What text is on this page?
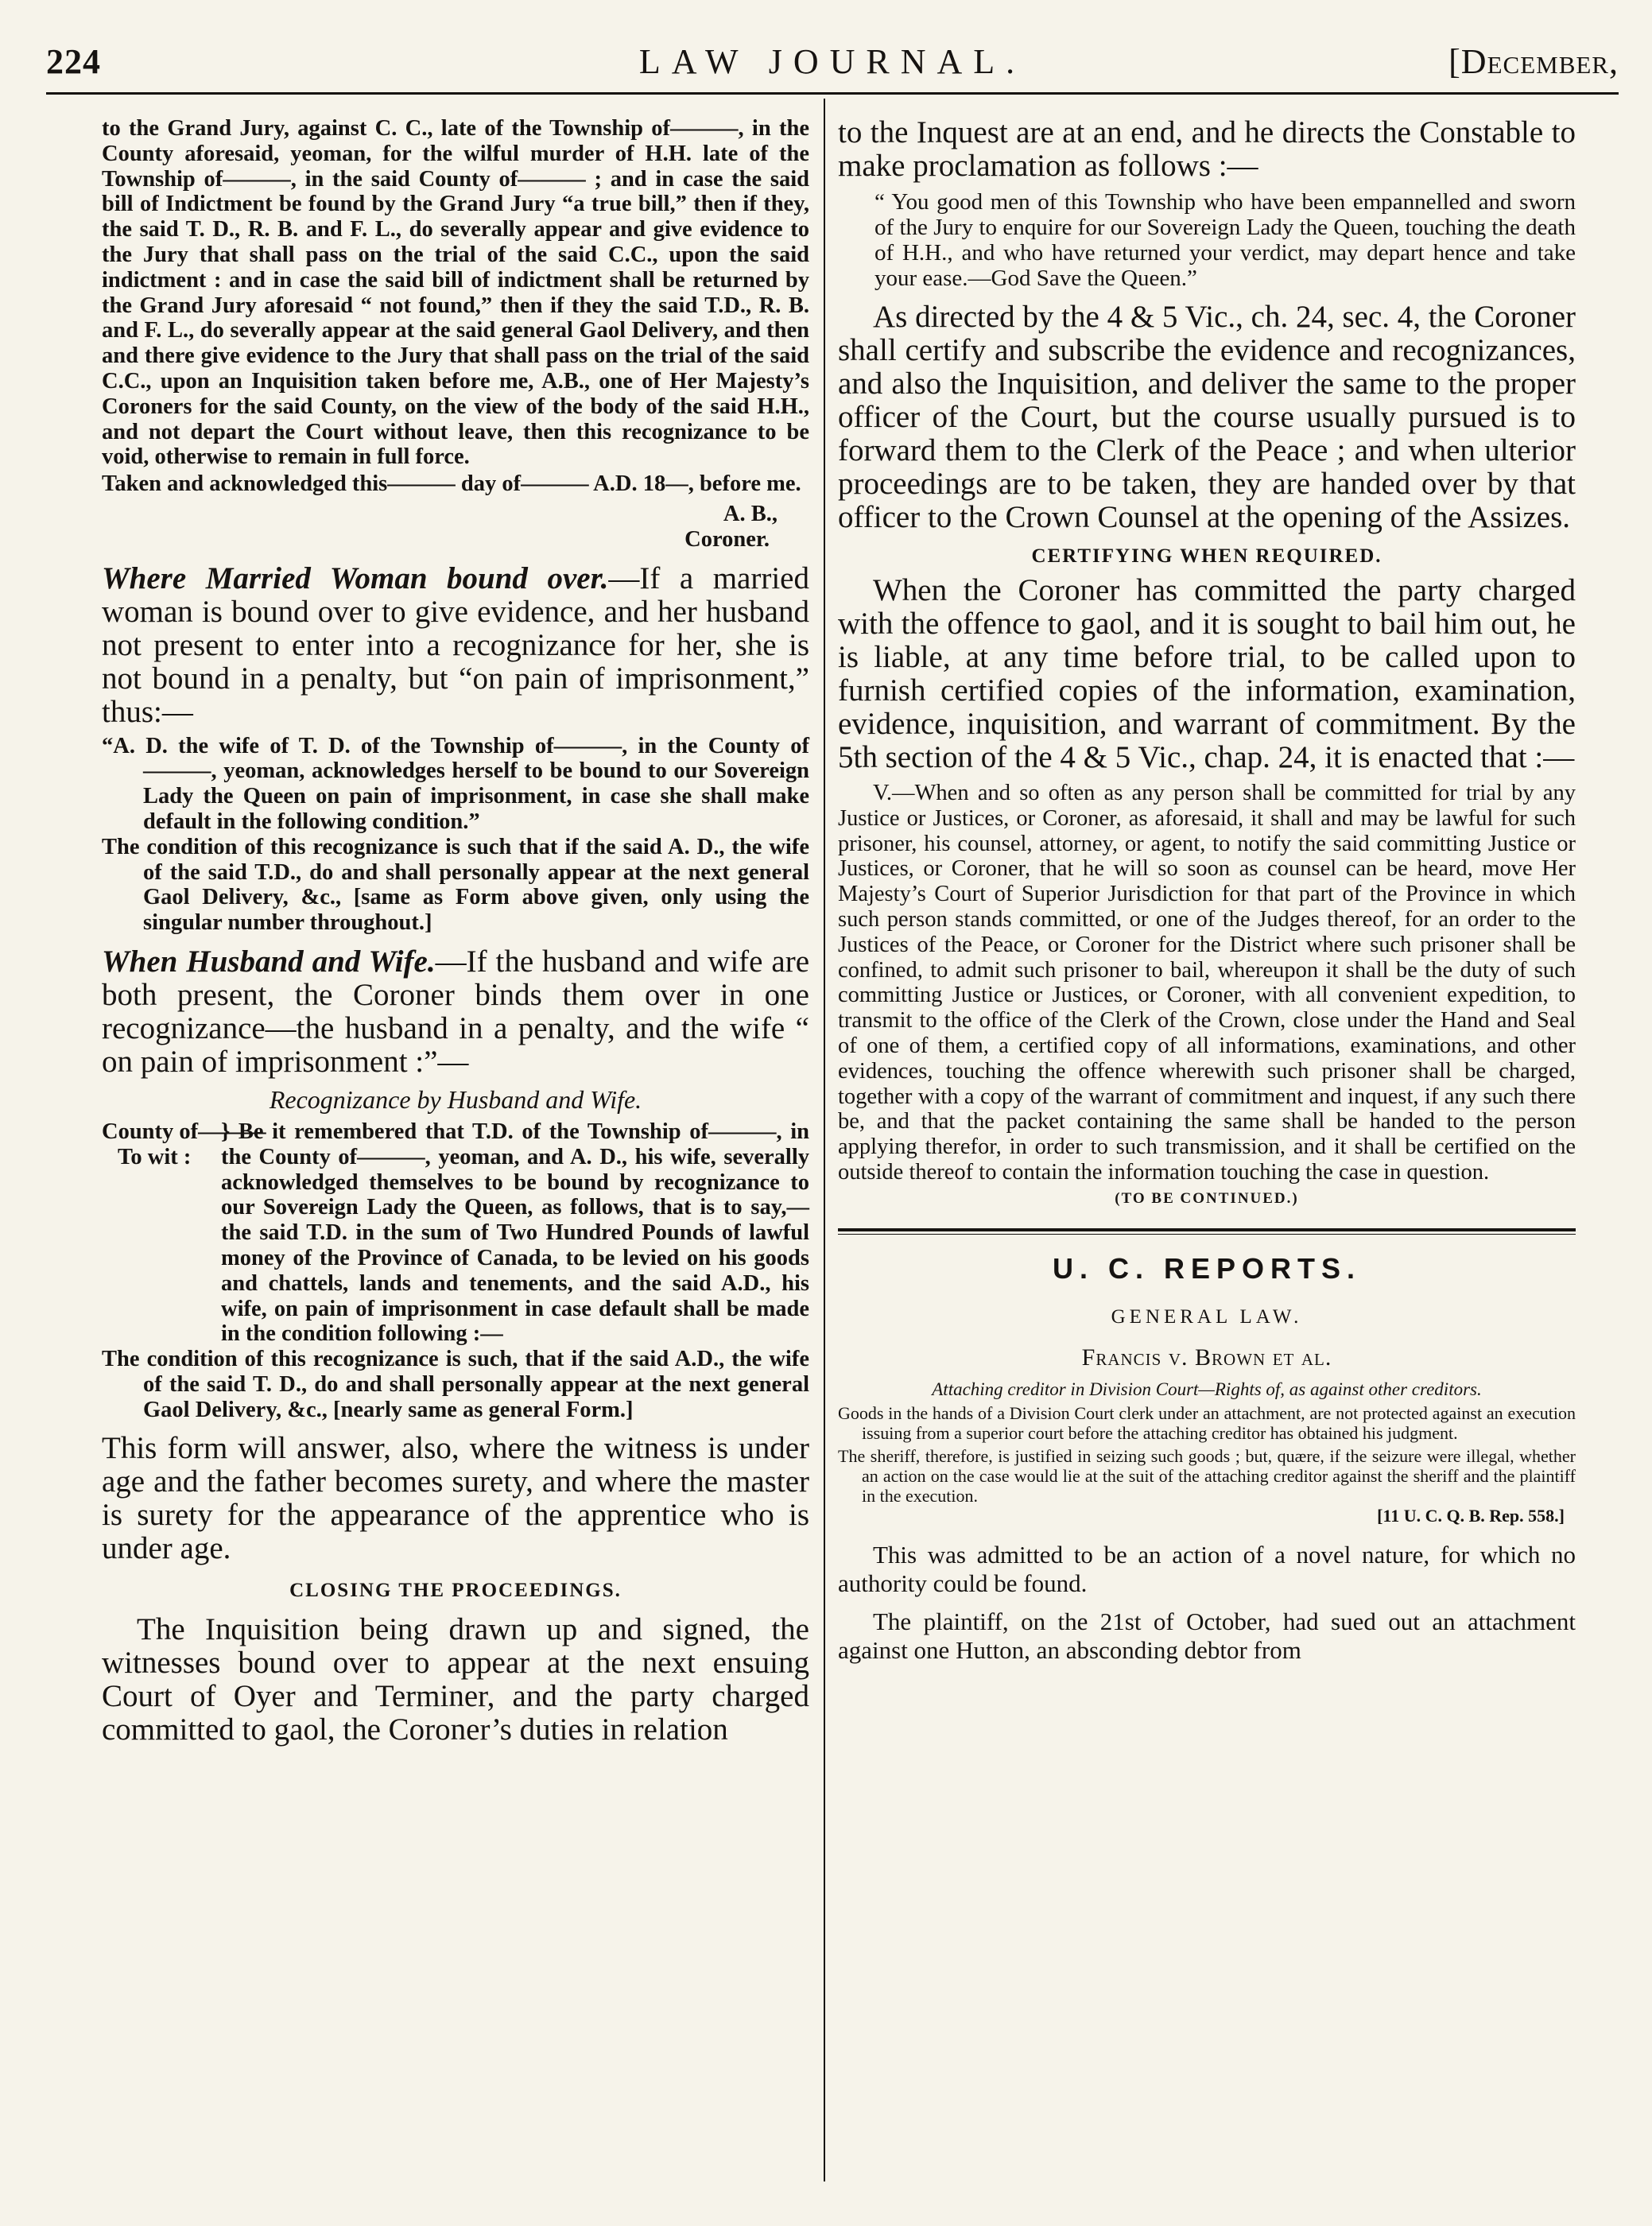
224	LAW JOURNAL.	[December,

to the Grand Jury, against C. C., late of the Township of———, in the County aforesaid, yeoman, for the wilful murder of H.H. late of the Township of———, in the said County of——— ; and in case the said bill of Indictment be found by the Grand Jury “a true bill,” then if they, the said T. D., R. B. and F. L., do severally appear and give evidence to the Jury that shall pass on the trial of the said C.C., upon the said indictment : and in case the said bill of indictment shall be returned by the Grand Jury aforesaid “ not found,” then if they the said T.D., R. B. and F. L., do severally appear at the said general Gaol Delivery, and then and there give evidence to the Jury that shall pass on the trial of the said C.C., upon an Inquisition taken before me, A.B., one of Her Majesty’s Coroners for the said County, on the view of the body of the said H.H., and not depart the Court without leave, then this recognizance to be void, otherwise to remain in full force.

Taken and acknowledged this——— day of——— A.D. 18—, before me.

A. B.,

Coroner.

Where Married Woman bound over.—If a married woman is bound over to give evidence, and her husband not present to enter into a recognizance for her, she is not bound in a penalty, but “on pain of imprisonment,” thus:—

“A. D. the wife of T. D. of the Township of———, in the County of———, yeoman, acknowledges herself to be bound to our Sovereign Lady the Queen on pain of imprisonment, in case she shall make default in the following condition.”

The condition of this recognizance is such that if the said A. D., the wife of the said T.D., do and shall personally appear at the next general Gaol Delivery, &c., [same as Form above given, only using the singular number throughout.]

When Husband and Wife.—If the husband and wife are both present, the Coroner binds them over in one recognizance—the husband in a penalty, and the wife “ on pain of imprisonment :”—

Recognizance by Husband and Wife.

County of———
To wit :
} Be it remembered that T.D. of the Township of———, in the County of———, yeoman, and A. D., his wife, severally acknowledged themselves to be bound by recognizance to our Sovereign Lady the Queen, as follows, that is to say,—the said T.D. in the sum of Two Hundred Pounds of lawful money of the Province of Canada, to be levied on his goods and chattels, lands and tenements, and the said A.D., his wife, on pain of imprisonment in case default shall be made in the condition following :—

The condition of this recognizance is such, that if the said A.D., the wife of the said T. D., do and shall personally appear at the next general Gaol Delivery, &c., [nearly same as general Form.]

This form will answer, also, where the witness is under age and the father becomes surety, and where the master is surety for the appearance of the apprentice who is under age.

CLOSING THE PROCEEDINGS.

The Inquisition being drawn up and signed, the witnesses bound over to appear at the next ensuing Court of Oyer and Terminer, and the party charged committed to gaol, the Coroner’s duties in relation

to the Inquest are at an end, and he directs the Constable to make proclamation as follows :—

“ You good men of this Township who have been empannelled and sworn of the Jury to enquire for our Sovereign Lady the Queen, touching the death of H.H., and who have returned your verdict, may depart hence and take your ease.—God Save the Queen.”

As directed by the 4 & 5 Vic., ch. 24, sec. 4, the Coroner shall certify and subscribe the evidence and recognizances, and also the Inquisition, and deliver the same to the proper officer of the Court, but the course usually pursued is to forward them to the Clerk of the Peace ; and when ulterior proceedings are to be taken, they are handed over by that officer to the Crown Counsel at the opening of the Assizes.

CERTIFYING WHEN REQUIRED.

When the Coroner has committed the party charged with the offence to gaol, and it is sought to bail him out, he is liable, at any time before trial, to be called upon to furnish certified copies of the information, examination, evidence, inquisition, and warrant of commitment. By the 5th section of the 4 & 5 Vic., chap. 24, it is enacted that :—

V.—When and so often as any person shall be committed for trial by any Justice or Justices, or Coroner, as aforesaid, it shall and may be lawful for such prisoner, his counsel, attorney, or agent, to notify the said committing Justice or Justices, or Coroner, that he will so soon as counsel can be heard, move Her Majesty’s Court of Superior Jurisdiction for that part of the Province in which such person stands committed, or one of the Judges thereof, for an order to the Justices of the Peace, or Coroner for the District where such prisoner shall be confined, to admit such prisoner to bail, whereupon it shall be the duty of such committing Justice or Justices, or Coroner, with all convenient expedition, to transmit to the office of the Clerk of the Crown, close under the Hand and Seal of one of them, a certified copy of all informations, examinations, and other evidences, touching the offence wherewith such prisoner shall be charged, together with a copy of the warrant of commitment and inquest, if any such there be, and that the packet containing the same shall be handed to the person applying therefor, in order to such transmission, and it shall be certified on the outside thereof to contain the information touching the case in question.

(TO BE CONTINUED.)

U. C. REPORTS.

GENERAL LAW.

Francis v. Brown et al.

Attaching creditor in Division Court—Rights of, as against other creditors.

Goods in the hands of a Division Court clerk under an attachment, are not protected against an execution issuing from a superior court before the attaching creditor has obtained his judgment.

The sheriff, therefore, is justified in seizing such goods ; but, quære, if the seizure were illegal, whether an action on the case would lie at the suit of the attaching creditor against the sheriff and the plaintiff in the execution.

[11 U. C. Q. B. Rep. 558.]

This was admitted to be an action of a novel nature, for which no authority could be found.

The plaintiff, on the 21st of October, had sued out an attachment against one Hutton, an absconding debtor from
